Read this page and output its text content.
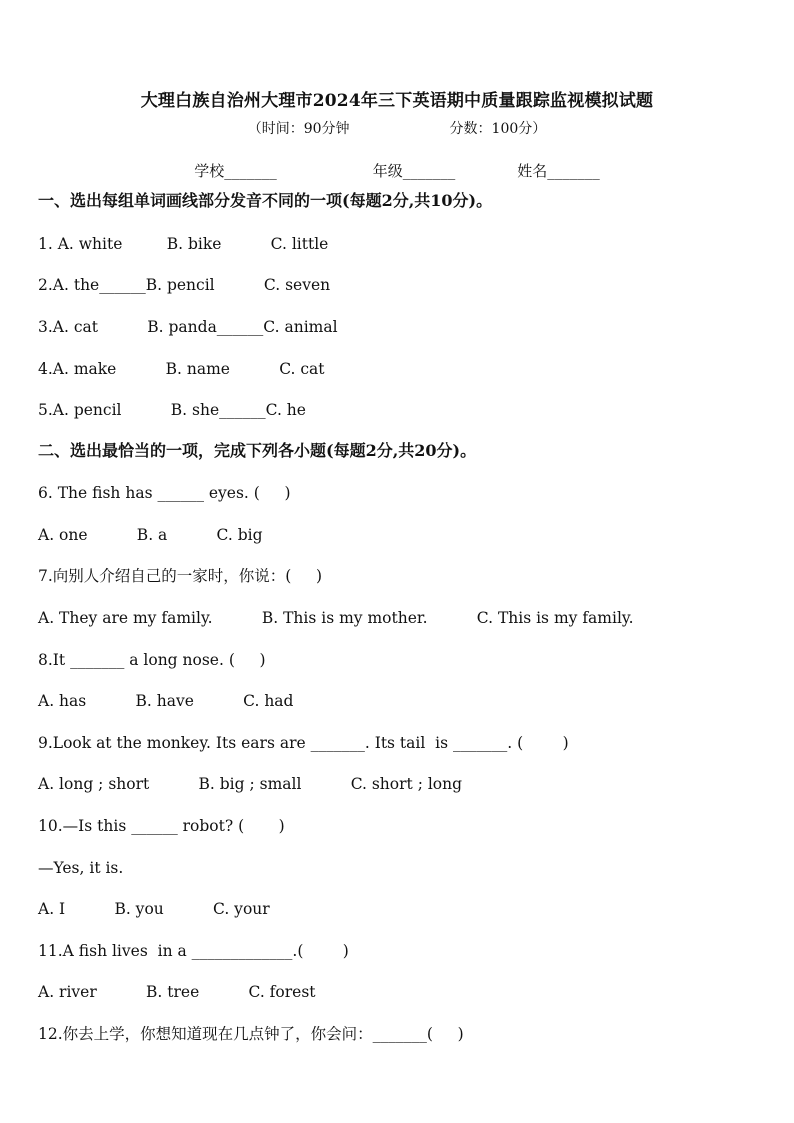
大理白族自治州大理市2024年三下英语期中质量跟踪监视模拟试题
（时间：90分钟	分数：100分）
学校_______	年级_______	姓名_______
一、选出每组单词画线部分发音不同的一项(每题2分,共10分)。
1. A. white         B. bike          C. little
2.A. the______B. pencil          C. seven
3.A. cat          B. panda______C. animal
4.A. make          B. name          C. cat
5.A. pencil          B. she______C. he
二、选出最恰当的一项，完成下列各小题(每题2分,共20分)。
6. The fish has ______ eyes. (     )
A. one          B. a          C. big
7.向别人介绍自己的一家时，你说：(     )
A. They are my family.          B. This is my mother.          C. This is my family.
8.It _______ a long nose. (     )
A. has          B. have          C. had
9.Look at the monkey. Its ears are _______. Its tail  is _______. (        )
A. long ; short          B. big ; small          C. short ; long
10.—Is this ______ robot? (       )
—Yes, it is.
A. I          B. you          C. your
11.A fish lives  in a _____________.(        )
A. river          B. tree          C. forest
12.你去上学，你想知道现在几点钟了，你会问：_______(     )
